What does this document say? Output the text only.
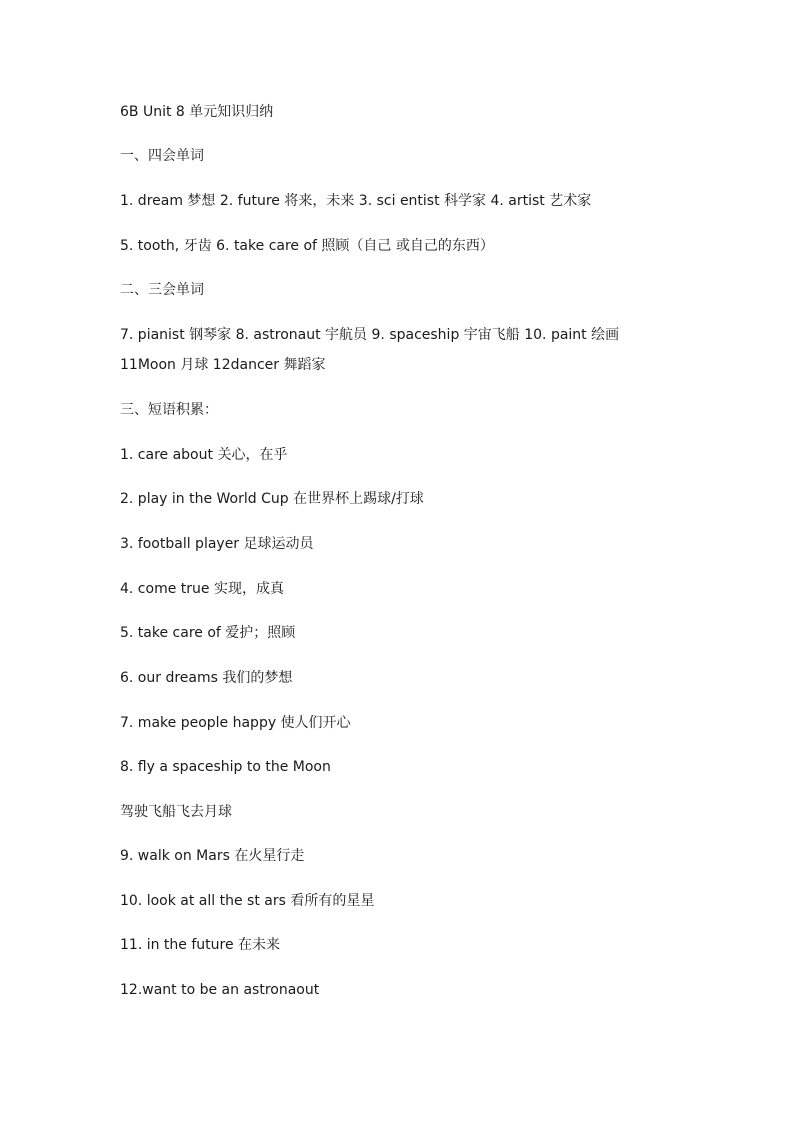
6B Unit 8 单元知识归纳
一、四会单词
1. dream 梦想 2. future 将来，未来 3. sci entist 科学家 4. artist 艺术家
5. tooth, 牙齿 6. take care of 照顾（自己 或自己的东西）
二、三会单词
7. pianist 钢琴家 8. astronaut 宇航员 9. spaceship 宇宙飞船 10. paint 绘画
11Moon 月球 12dancer 舞蹈家
三、短语积累：
1. care about 关心，在乎
2. play in the World Cup 在世界杯上踢球/打球
3. football player 足球运动员
4. come true 实现，成真
5. take care of 爱护；照顾
6. our dreams 我们的梦想
7. make people happy 使人们开心
8. fly a spaceship to the Moon
驾驶飞船飞去月球
9. walk on Mars 在火星行走
10. look at all the st ars 看所有的星星
11. in the future 在未来
12.want to be an astronaout
